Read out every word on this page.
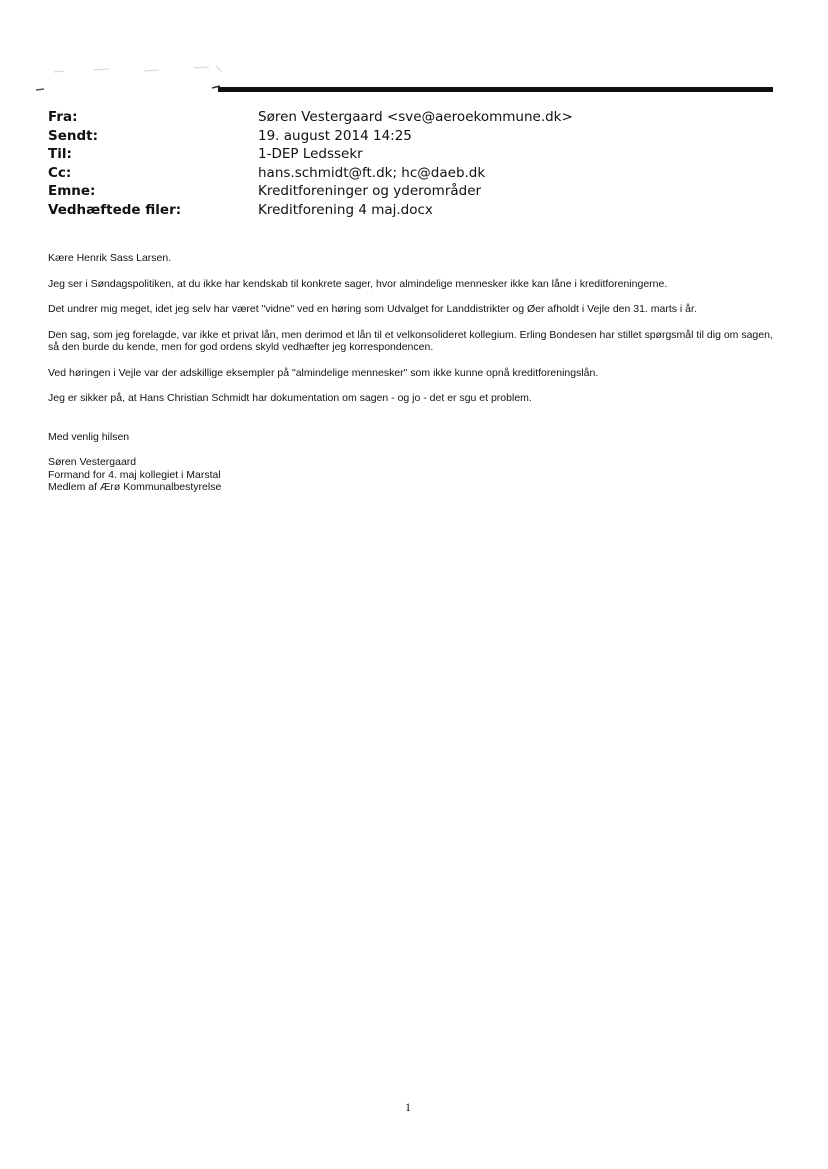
Fra:	Søren Vestergaard <sve@aeroekommune.dk>
Sendt:	19. august 2014 14:25
Til:	1-DEP Ledssekr
Cc:	hans.schmidt@ft.dk; hc@daeb.dk
Emne:	Kreditforeninger og yderområder
Vedhæftede filer:	Kreditforening 4 maj.docx

Kære Henrik Sass Larsen.

Jeg ser i Søndagspolitiken, at du ikke har kendskab til konkrete sager, hvor almindelige mennesker ikke kan låne i kreditforeningerne.

Det undrer mig meget, idet jeg selv har været "vidne" ved en høring som Udvalget for Landdistrikter og Øer afholdt i Vejle den 31. marts i år.

Den sag, som jeg forelagde, var ikke et privat lån, men derimod et lån til et velkonsolideret kollegium. Erling Bondesen har stillet spørgsmål til dig om sagen, så den burde du kende, men for god ordens skyld vedhæfter jeg korrespondencen.

Ved høringen i Vejle var der adskillige eksempler på "almindelige mennesker" som ikke kunne opnå kreditforeningslån.

Jeg er sikker på, at Hans Christian Schmidt har dokumentation om sagen - og jo - det er sgu et problem.

Med venlig hilsen

Søren Vestergaard
Formand for 4. maj kollegiet i Marstal
Medlem af Ærø Kommunalbestyrelse
1
